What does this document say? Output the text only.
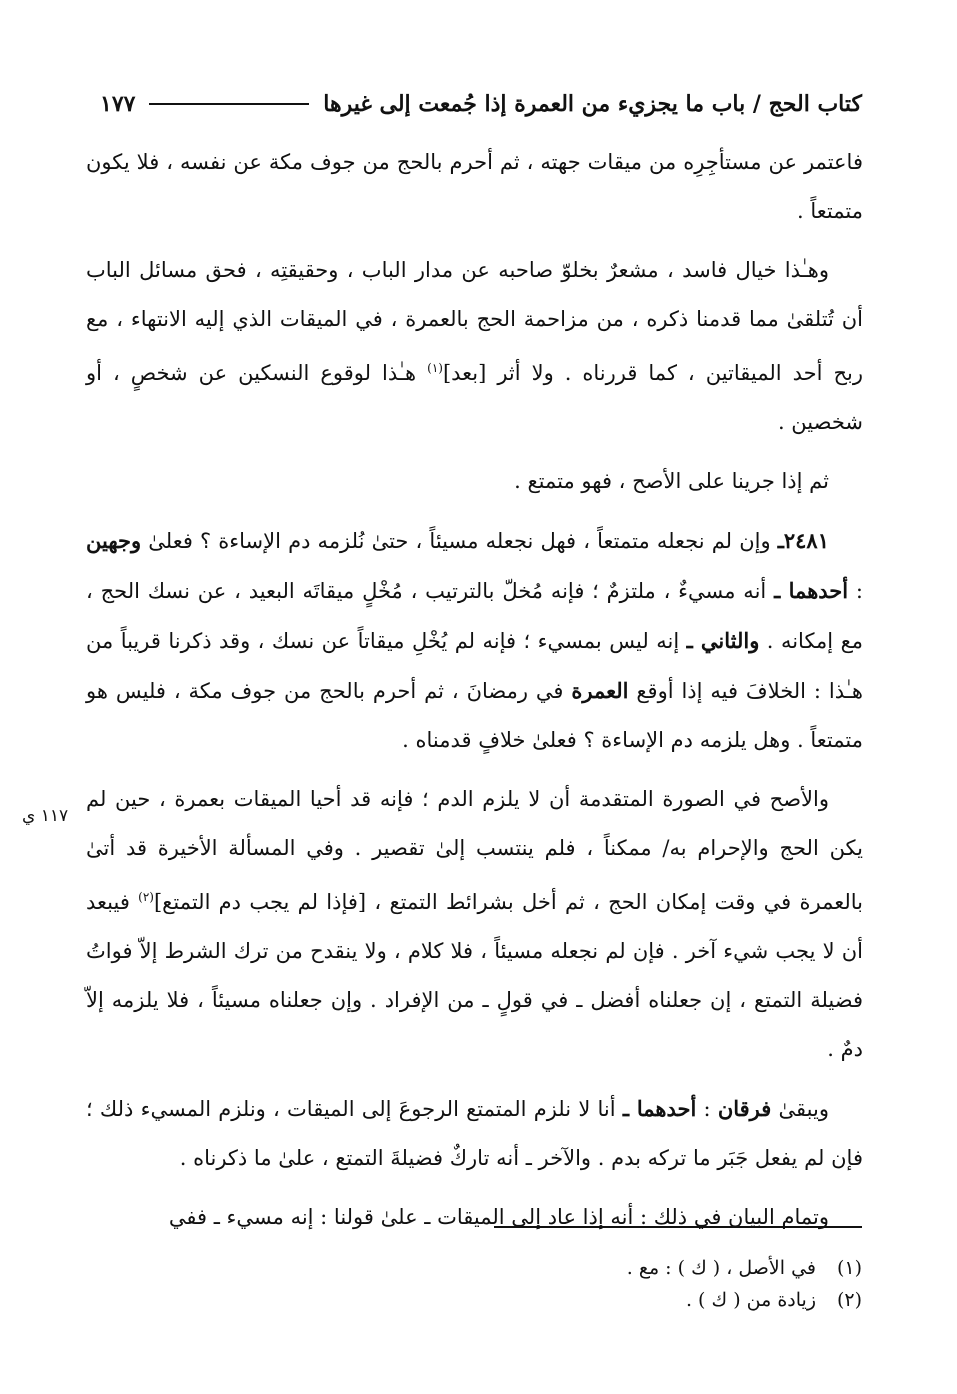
كتاب الحج / باب ما يجزيء من العمرة إذا جُمعت إلى غيرها
١٧٧

فاعتمر عن مستأجِرِه من ميقات جهته ، ثم أحرم بالحج من جوف مكة عن نفسه ، فلا يكون متمتعاً .

وهـٰذا خيال فاسد ، مشعرٌ بخلوّ صاحبه عن مدار الباب ، وحقيقتِه ، فحق مسائل الباب أن تُتلقىٰ مما قدمنا ذكره ، من مزاحمة الحج بالعمرة ، في الميقات الذي إليه الانتهاء ، مع ربح أحد الميقاتين ، كما قررناه . ولا أثر [بعد]$^{(١)}$ هـٰذا لوقوع النسكين عن شخصٍ ، أو شخصين .

ثم إذا جرينا على الأصح ، فهو متمتع .

٢٤٨١ـ وإن لم نجعله متمتعاً ، فهل نجعله مسيئاً ، حتىٰ نُلزمه دم الإساءة ؟ فعلىٰ وجهين : أحدهما ـ أنه مسيءٌ ، ملتزمٌ ؛ فإنه مُخلّ بالترتيب ، مُخْلٍ ميقاتَه البعيد ، عن نسك الحج ، مع إمكانه . والثاني ـ إنه ليس بمسيء ؛ فإنه لم يُخْلِ ميقاتاً عن نسك ، وقد ذكرنا قريباً من هـٰذا : الخلافَ فيه إذا أوقع العمرة في رمضانَ ، ثم أحرم بالحج من جوف مكة ، فليس هو متمتعاً . وهل يلزمه دم الإساءة ؟ فعلىٰ خلافٍ قدمناه .

والأصح في الصورة المتقدمة أن لا يلزم الدم ؛ فإنه قد أحيا الميقات بعمرة ، حين لم يكن الحج والإحرام به/ ممكناً ، فلم ينتسب إلىٰ تقصير . وفي المسألة الأخيرة قد أتىٰ بالعمرة في وقت إمكان الحج ، ثم أخل بشرائط التمتع ، [فإذا لم يجب دم التمتع]$^{(٢)}$ فيبعد أن لا يجب شيء آخر . فإن لم نجعله مسيئاً ، فلا كلام ، ولا ينقدح من ترك الشرط إلاّ فواتُ فضيلة التمتع ، إن جعلناه أفضل ـ في قولٍ ـ من الإفراد . وإن جعلناه مسيئاً ، فلا يلزمه إلاّ دمٌ .

ويبقىٰ فرقان : أحدهما ـ أنا لا نلزم المتمتع الرجوعَ إلى الميقات ، ونلزم المسيء ذلك ؛ فإن لم يفعل جَبَر ما تركه بدم . والآخر ـ أنه تاركٌ فضيلةَ التمتع ، علىٰ ما ذكرناه .

وتمام البيان في ذلك : أنه إذا عاد إلى الميقات ـ علىٰ قولنا : إنه مسيء ـ ففي

١١٧ ي
(١)في الأصل ، ( ك ) : مع .
(٢)زيادة من ( ك ) .
